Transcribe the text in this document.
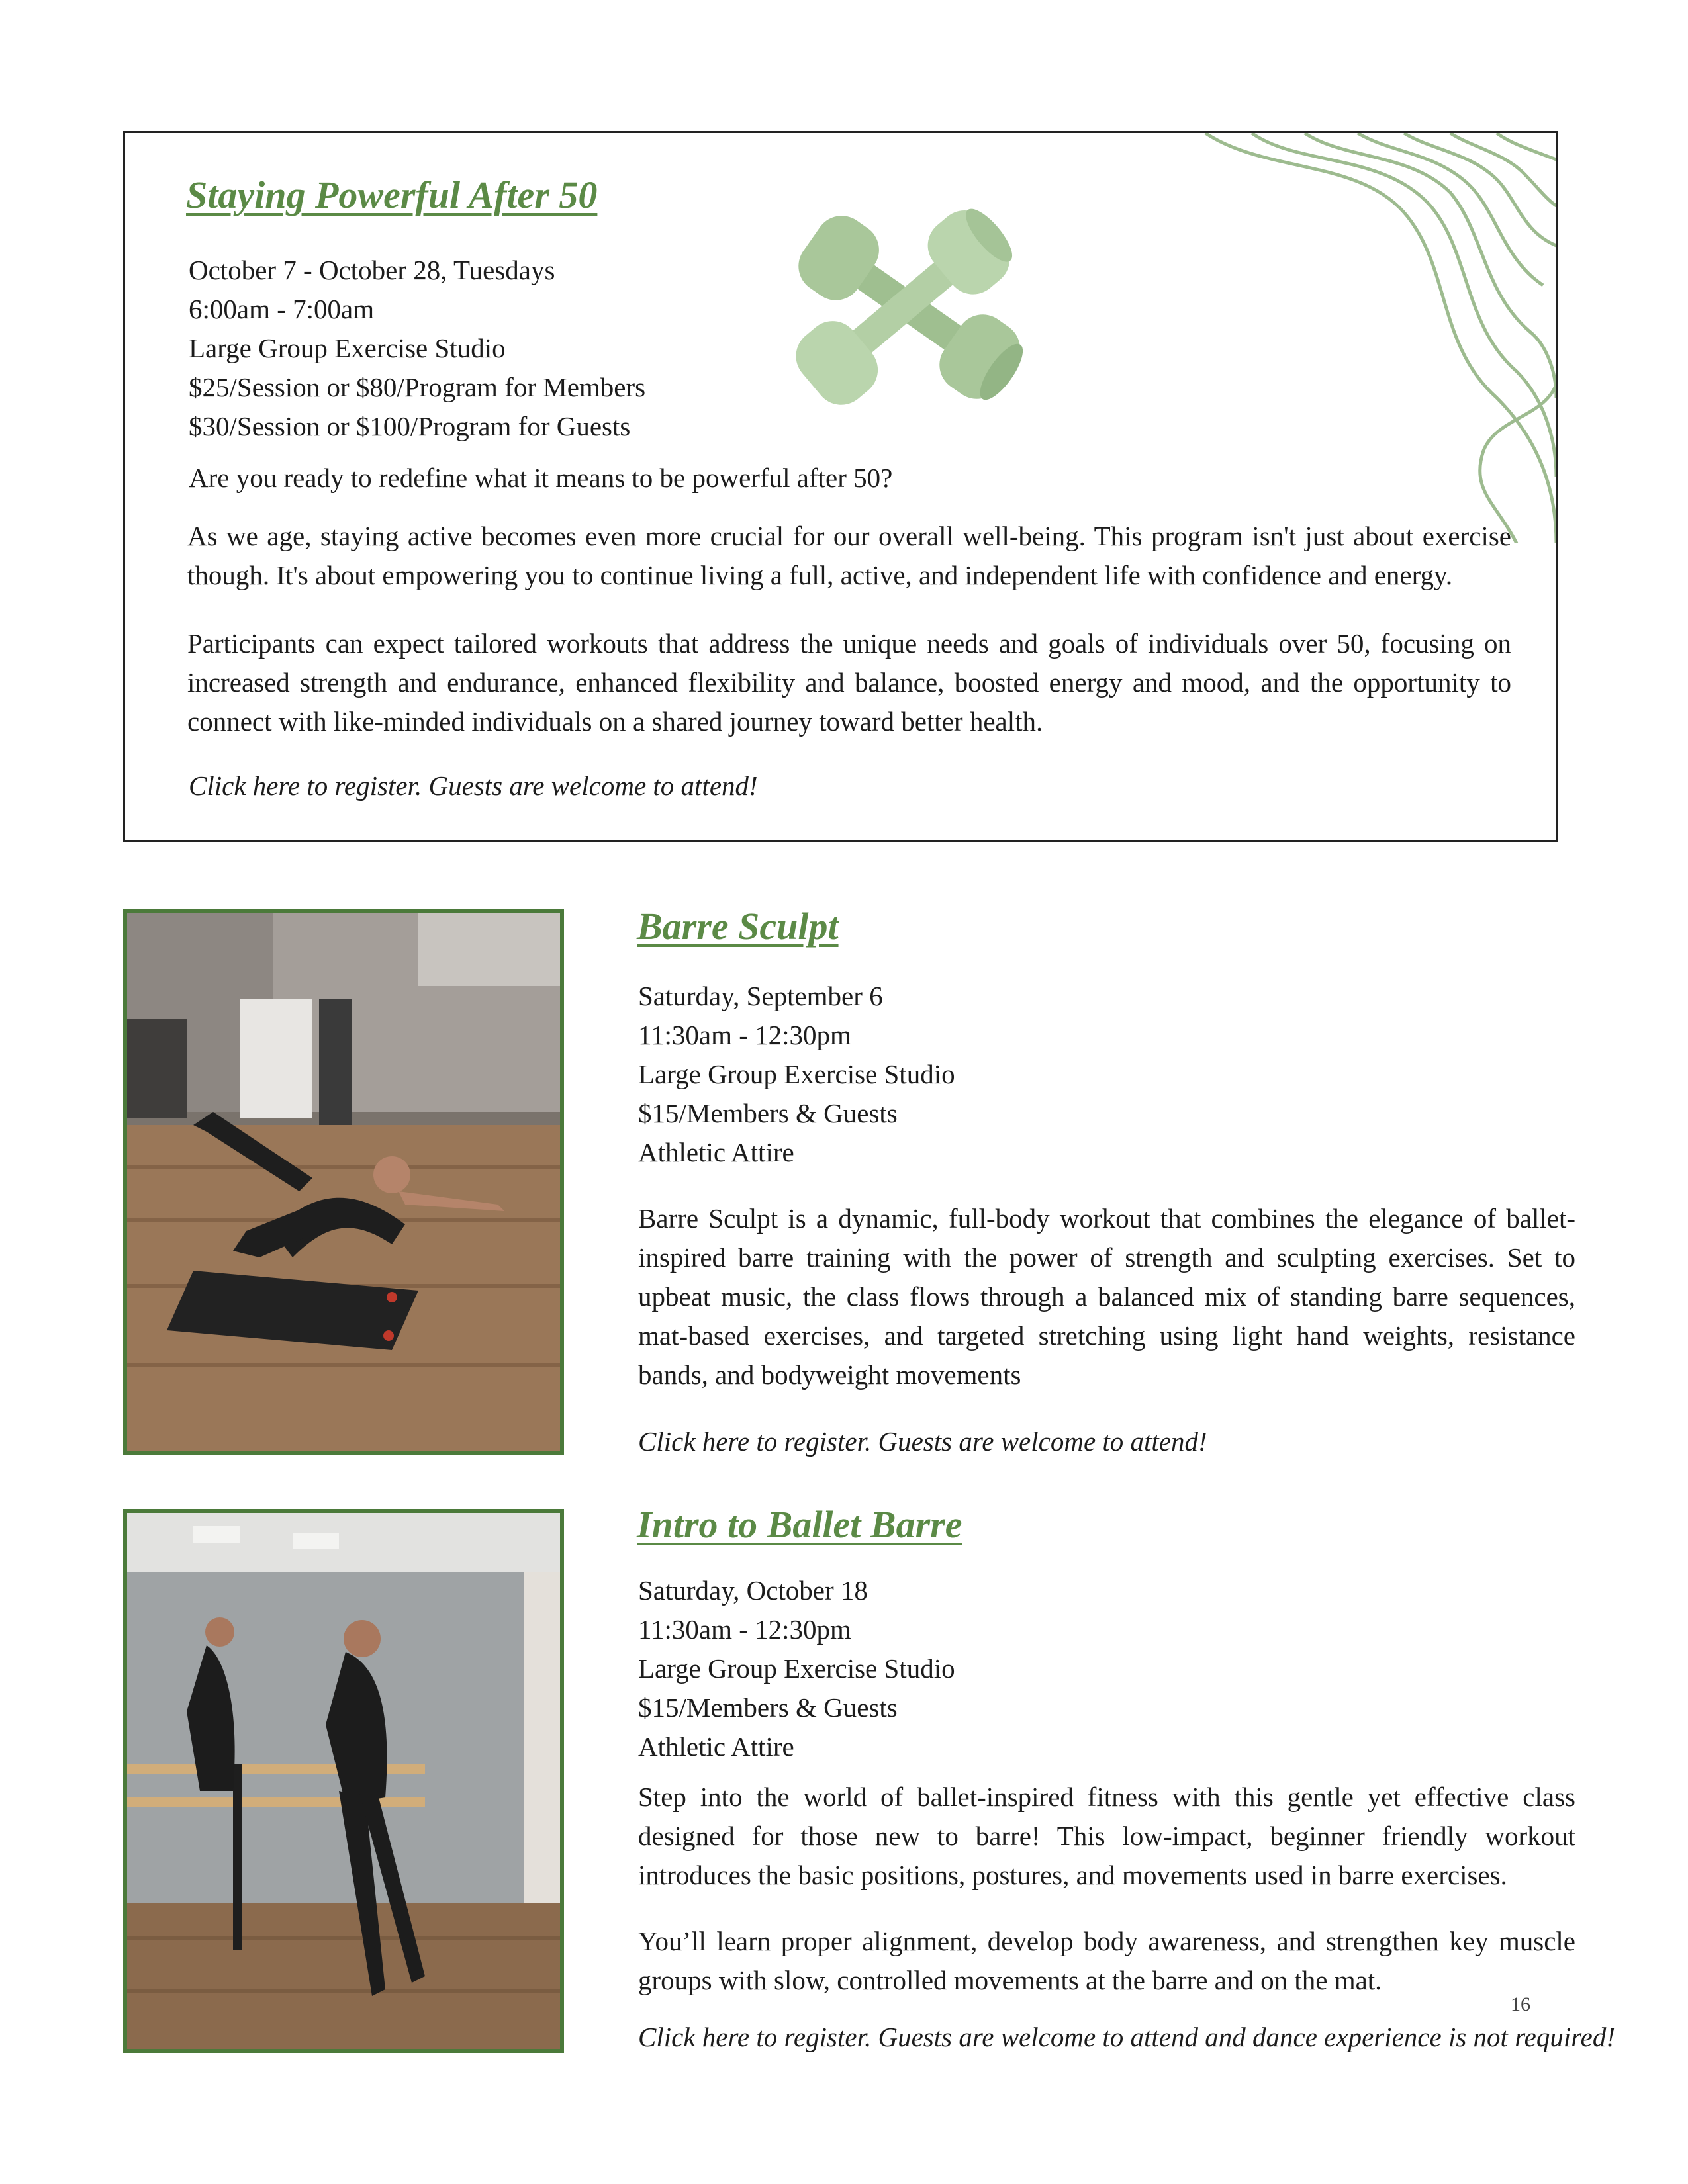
Staying Powerful After 50
October 7 - October 28, Tuesdays
6:00am - 7:00am
Large Group Exercise Studio
$25/Session or $80/Program for Members
$30/Session or $100/Program for Guests
Are you ready to redefine what it means to be powerful after 50?

As we age, staying active becomes even more crucial for our overall well-being. This program isn't just about exercise though. It's about empowering you to continue living a full, active, and independent life with confidence and energy.

Participants can expect tailored workouts that address the unique needs and goals of individuals over 50, focusing on increased strength and endurance, enhanced flexibility and balance, boosted energy and mood, and the opportunity to connect with like-minded individuals on a shared journey toward better health.

Click here to register. Guests are welcome to attend!
Barre Sculpt
Saturday, September 6
11:30am - 12:30pm
Large Group Exercise Studio
$15/Members & Guests
Athletic Attire

Barre Sculpt is a dynamic, full-body workout that combines the elegance of ballet-inspired barre training with the power of strength and sculpting exercises. Set to upbeat music, the class flows through a balanced mix of standing barre sequences, mat-based exercises, and targeted stretching using light hand weights, resistance bands, and bodyweight movements

Click here to register. Guests are welcome to attend!
Intro to Ballet Barre
Saturday, October 18
11:30am - 12:30pm
Large Group Exercise Studio
$15/Members & Guests
Athletic Attire

Step into the world of ballet-inspired fitness with this gentle yet effective class designed for those new to barre! This low-impact, beginner friendly workout introduces the basic positions, postures, and movements used in barre exercises.

You’ll learn proper alignment, develop body awareness, and strengthen key muscle groups with slow, controlled movements at the barre and on the mat.

Click here to register. Guests are welcome to attend and dance experience is not required!
16
